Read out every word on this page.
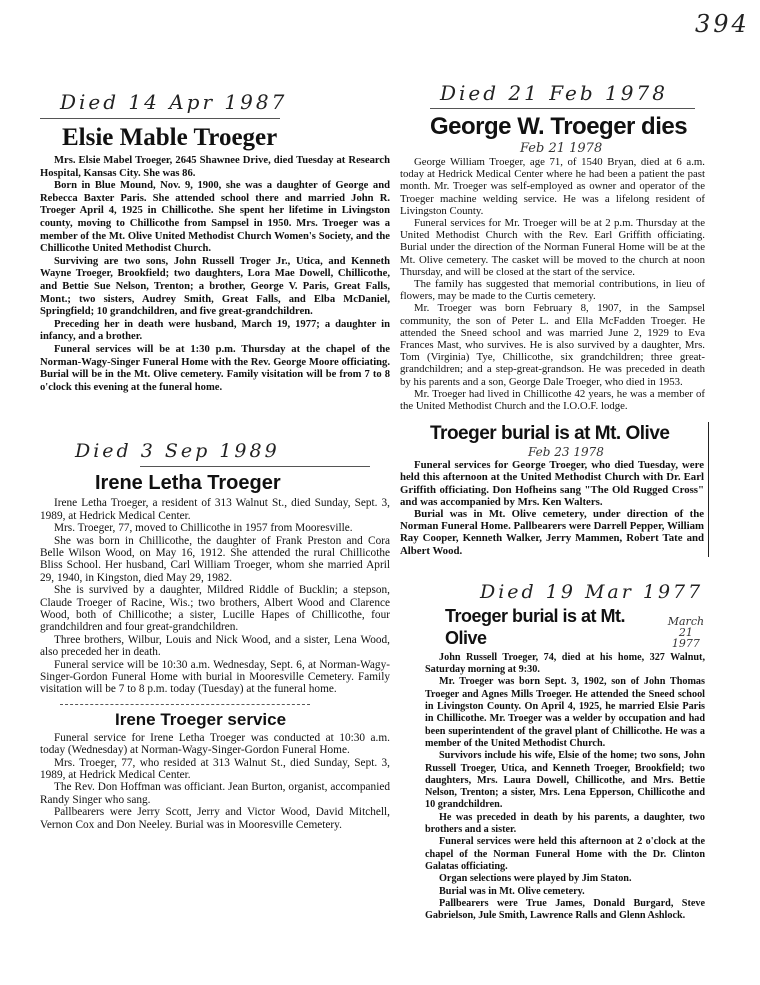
394
Died 14 Apr 1987
Elsie Mable Troeger

Mrs. Elsie Mabel Troeger, 2645 Shawnee Drive, died Tuesday at Research Hospital, Kansas City. She was 86.

Born in Blue Mound, Nov. 9, 1900, she was a daughter of George and Rebecca Baxter Paris. She attended school there and married John R. Troeger April 4, 1925 in Chillicothe. She spent her lifetime in Livingston county, moving to Chillicothe from Sampsel in 1950. Mrs. Troeger was a member of the Mt. Olive United Methodist Church Women's Society, and the Chillicothe United Methodist Church.

Surviving are two sons, John Russell Troger Jr., Utica, and Kenneth Wayne Troeger, Brookfield; two daughters, Lora Mae Dowell, Chillicothe, and Bettie Sue Nelson, Trenton; a brother, George V. Paris, Great Falls, Mont.; two sisters, Audrey Smith, Great Falls, and Elba McDaniel, Springfield; 10 grandchildren, and five great-grandchildren.

Preceding her in death were husband, March 19, 1977; a daughter in infancy, and a brother.

Funeral services will be at 1:30 p.m. Thursday at the chapel of the Norman-Wagy-Singer Funeral Home with the Rev. George Moore officiating. Burial will be in the Mt. Olive cemetery. Family visitation will be from 7 to 8 o'clock this evening at the funeral home.

Died 3 Sep 1989
Irene Letha Troeger

Irene Letha Troeger, a resident of 313 Walnut St., died Sunday, Sept. 3, 1989, at Hedrick Medical Center.

Mrs. Troeger, 77, moved to Chillicothe in 1957 from Mooresville.

She was born in Chillicothe, the daughter of Frank Preston and Cora Belle Wilson Wood, on May 16, 1912. She attended the rural Chillicothe Bliss School. Her husband, Carl William Troeger, whom she married April 29, 1940, in Kingston, died May 29, 1982.

She is survived by a daughter, Mildred Riddle of Bucklin; a stepson, Claude Troeger of Racine, Wis.; two brothers, Albert Wood and Clarence Wood, both of Chillicothe; a sister, Lucille Hapes of Chillicothe, four grandchildren and four great-grandchildren.

Three brothers, Wilbur, Louis and Nick Wood, and a sister, Lena Wood, also preceded her in death.

Funeral service will be 10:30 a.m. Wednesday, Sept. 6, at Norman-Wagy-Singer-Gordon Funeral Home with burial in Mooresville Cemetery. Family visitation will be 7 to 8 p.m. today (Tuesday) at the funeral home.

Irene Troeger service

Funeral service for Irene Letha Troeger was conducted at 10:30 a.m. today (Wednesday) at Norman-Wagy-Singer-Gordon Funeral Home.

Mrs. Troeger, 77, who resided at 313 Walnut St., died Sunday, Sept. 3, 1989, at Hedrick Medical Center.

The Rev. Don Hoffman was officiant. Jean Burton, organist, accompanied Randy Singer who sang.

Pallbearers were Jerry Scott, Jerry and Victor Wood, David Mitchell, Vernon Cox and Don Neeley. Burial was in Mooresville Cemetery.

Died 21 Feb 1978
George W. Troeger dies
Feb 21 1978

George William Troeger, age 71, of 1540 Bryan, died at 6 a.m. today at Hedrick Medical Center where he had been a patient the past month. Mr. Troeger was self-employed as owner and operator of the Troeger machine welding service. He was a lifelong resident of Livingston County.

Funeral services for Mr. Troeger will be at 2 p.m. Thursday at the United Methodist Church with the Rev. Earl Griffith officiating. Burial under the direction of the Norman Funeral Home will be at the Mt. Olive cemetery. The casket will be moved to the church at noon Thursday, and will be closed at the start of the service.

The family has suggested that memorial contributions, in lieu of flowers, may be made to the Curtis cemetery.

Mr. Troeger was born February 8, 1907, in the Sampsel community, the son of Peter L. and Ella McFadden Troeger. He attended the Sneed school and was married June 2, 1929 to Eva Frances Mast, who survives. He is also survived by a daughter, Mrs. Tom (Virginia) Tye, Chillicothe, six grandchildren; three great-grandchildren; and a step-great-grandson. He was preceded in death by his parents and a son, George Dale Troeger, who died in 1953.

Mr. Troeger had lived in Chillicothe 42 years, he was a member of the United Methodist Church and the I.O.O.F. lodge.

Troeger burial is at Mt. Olive
Feb 23 1978

Funeral services for George Troeger, who died Tuesday, were held this afternoon at the United Methodist Church with Dr. Earl Griffith officiating. Don Hofheins sang "The Old Rugged Cross" and was accompanied by Mrs. Ken Walters.

Burial was in Mt. Olive cemetery, under direction of the Norman Funeral Home. Pallbearers were Darrell Pepper, William Ray Cooper, Kenneth Walker, Jerry Mammen, Robert Tate and Albert Wood.

Died 19 Mar 1977
Troeger burial is at Mt. Olive
March 21 1977

John Russell Troeger, 74, died at his home, 327 Walnut, Saturday morning at 9:30.

Mr. Troeger was born Sept. 3, 1902, son of John Thomas Troeger and Agnes Mills Troeger. He attended the Sneed school in Livingston County. On April 4, 1925, he married Elsie Paris in Chillicothe. Mr. Troeger was a welder by occupation and had been superintendent of the gravel plant of Chillicothe. He was a member of the United Methodist Church.

Survivors include his wife, Elsie of the home; two sons, John Russell Troeger, Utica, and Kenneth Troeger, Brookfield; two daughters, Mrs. Laura Dowell, Chillicothe, and Mrs. Bettie Nelson, Trenton; a sister, Mrs. Lena Epperson, Chillicothe and 10 grandchildren.

He was preceded in death by his parents, a daughter, two brothers and a sister.

Funeral services were held this afternoon at 2 o'clock at the chapel of the Norman Funeral Home with the Dr. Clinton Galatas officiating.

Organ selections were played by Jim Staton.

Burial was in Mt. Olive cemetery.

Pallbearers were True James, Donald Burgard, Steve Gabrielson, Jule Smith, Lawrence Ralls and Glenn Ashlock.
